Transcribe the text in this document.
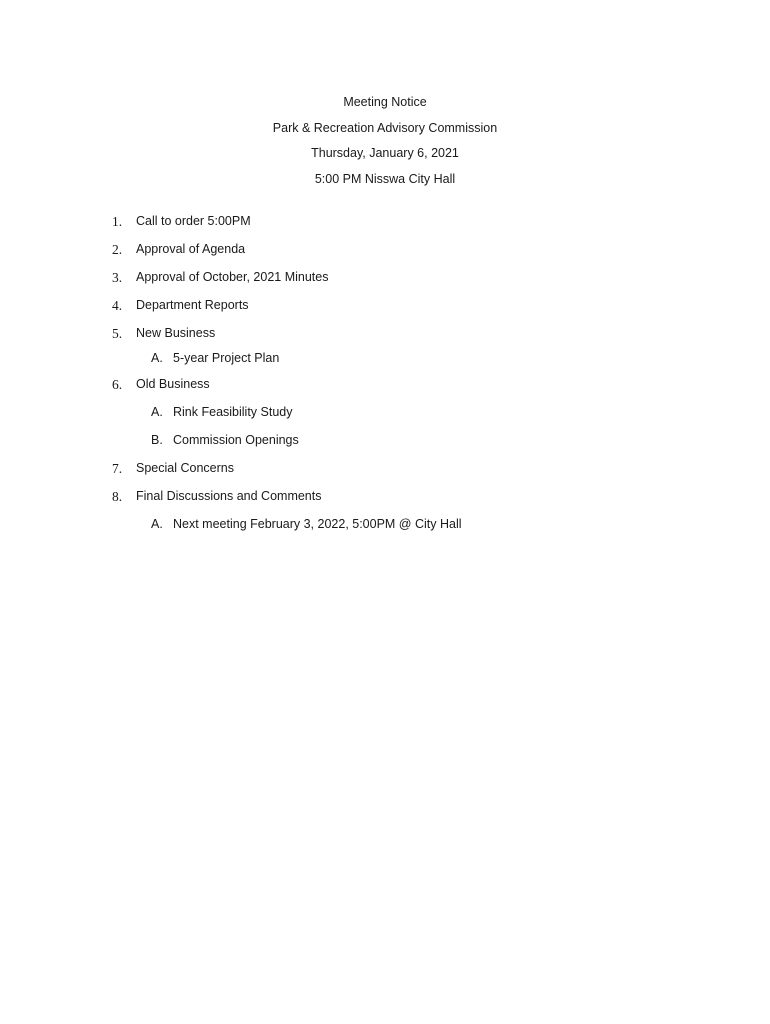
Meeting Notice
Park & Recreation Advisory Commission
Thursday, January 6, 2021
5:00 PM Nisswa City Hall
1. Call to order 5:00PM
2. Approval of Agenda
3. Approval of October, 2021 Minutes
4. Department Reports
5. New Business
A. 5-year Project Plan
6. Old Business
A. Rink Feasibility Study
B. Commission Openings
7. Special Concerns
8. Final Discussions and Comments
A. Next meeting February 3, 2022, 5:00PM @ City Hall
